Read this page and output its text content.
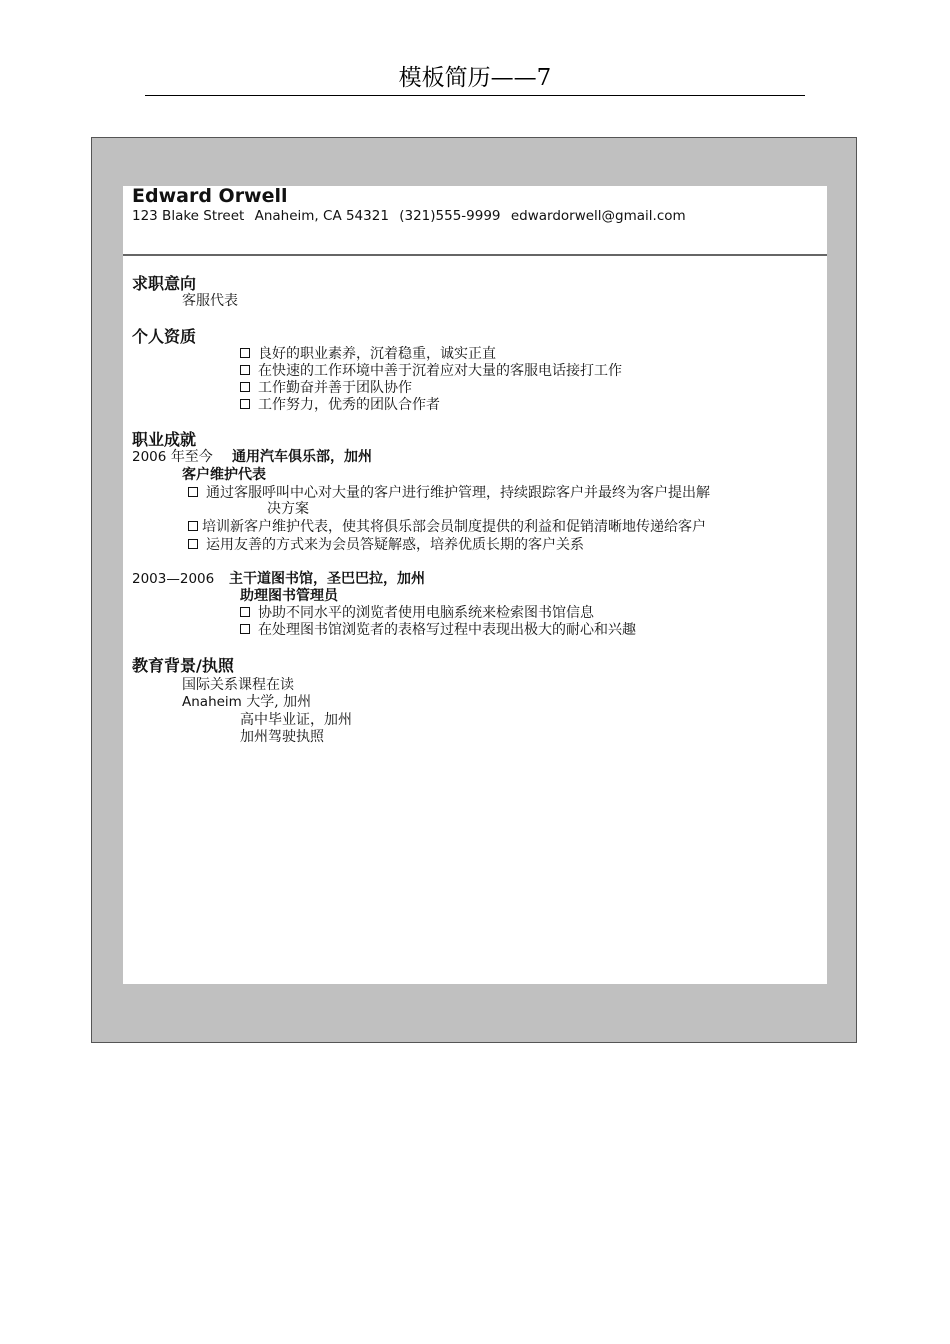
模板简历——7
Edward Orwell
123 Blake Street Anaheim, CA 54321 (321)555-9999 edwardorwell@gmail.com
求职意向
客服代表
个人资质
良好的职业素养，沉着稳重，诚实正直
在快速的工作环境中善于沉着应对大量的客服电话接打工作
工作勤奋并善于团队协作
工作努力，优秀的团队合作者
职业成就
2006 年至今 通用汽车俱乐部，加州
客户维护代表
通过客服呼叫中心对大量的客户进行维护管理，持续跟踪客户并最终为客户提出解
决方案
培训新客户维护代表，使其将俱乐部会员制度提供的利益和促销清晰地传递给客户
运用友善的方式来为会员答疑解惑，培养优质长期的客户关系
2003—2006 主干道图书馆，圣巴巴拉，加州
助理图书管理员
协助不同水平的浏览者使用电脑系统来检索图书馆信息
在处理图书馆浏览者的表格写过程中表现出极大的耐心和兴趣
教育背景/执照
国际关系课程在读
Anaheim 大学, 加州
高中毕业证，加州
加州驾驶执照
